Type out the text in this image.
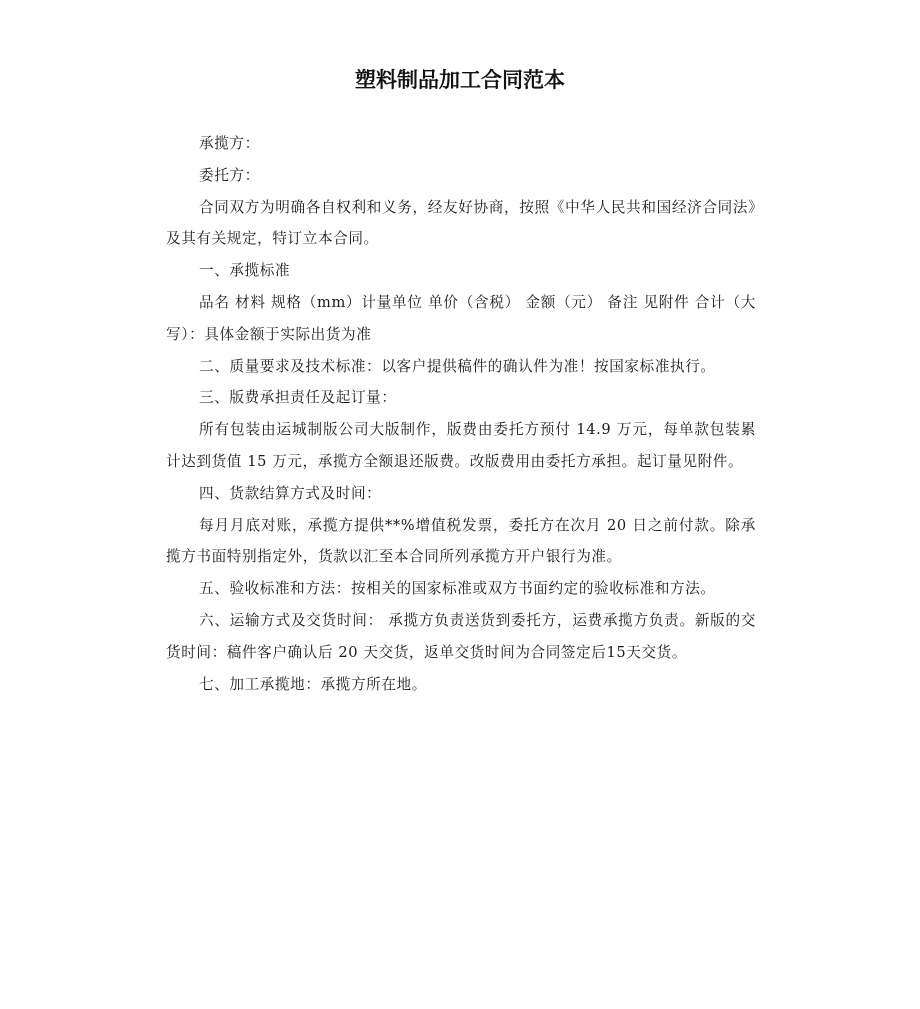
塑料制品加工合同范本

承揽方：

委托方：

合同双方为明确各自权利和义务，经友好协商，按照《中华人民共和国经济合同法》及其有关规定，特订立本合同。

一、承揽标准

品名 材料 规格（mm）计量单位 单价（含税） 金额（元） 备注 见附件 合计（大写）：具体金额于实际出货为准

二、质量要求及技术标准：以客户提供稿件的确认件为准！按国家标准执行。

三、版费承担责任及起订量：

所有包装由运城制版公司大版制作，版费由委托方预付 14.9 万元，每单款包装累计达到货值 15 万元，承揽方全额退还版费。改版费用由委托方承担。起订量见附件。

四、货款结算方式及时间：

每月月底对账，承揽方提供**%增值税发票，委托方在次月 20 日之前付款。除承揽方书面特别指定外，货款以汇至本合同所列承揽方开户银行为准。

五、验收标准和方法：按相关的国家标准或双方书面约定的验收标准和方法。

六、运输方式及交货时间： 承揽方负责送货到委托方，运费承揽方负责。新版的交货时间：稿件客户确认后 20 天交货，返单交货时间为合同签定后15天交货。

七、加工承揽地：承揽方所在地。
